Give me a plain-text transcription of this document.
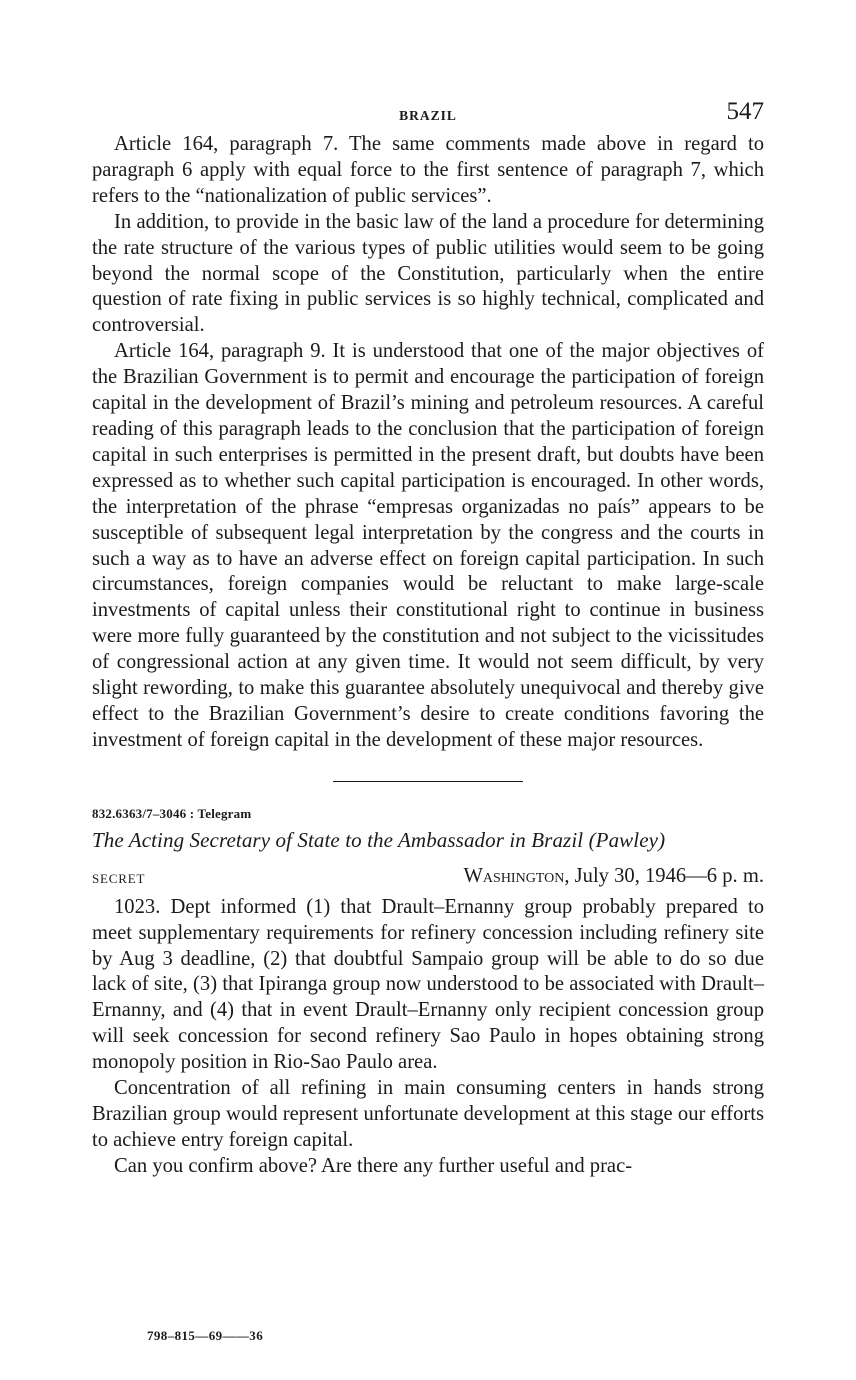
BRAZIL	547

Article 164, paragraph 7. The same comments made above in regard to paragraph 6 apply with equal force to the first sentence of paragraph 7, which refers to the “nationalization of public services”.

In addition, to provide in the basic law of the land a procedure for determining the rate structure of the various types of public utilities would seem to be going beyond the normal scope of the Constitution, particularly when the entire question of rate fixing in public services is so highly technical, complicated and controversial.

Article 164, paragraph 9. It is understood that one of the major objectives of the Brazilian Government is to permit and encourage the participation of foreign capital in the development of Brazil’s mining and petroleum resources. A careful reading of this paragraph leads to the conclusion that the participation of foreign capital in such enterprises is permitted in the present draft, but doubts have been expressed as to whether such capital participation is encouraged. In other words, the interpretation of the phrase “empresas organizadas no país” appears to be susceptible of subsequent legal interpretation by the congress and the courts in such a way as to have an adverse effect on foreign capital participation. In such circumstances, foreign companies would be reluctant to make large-scale investments of capital unless their constitutional right to continue in business were more fully guaranteed by the constitution and not subject to the vicissitudes of congressional action at any given time. It would not seem difficult, by very slight rewording, to make this guarantee absolutely unequivocal and thereby give effect to the Brazilian Government’s desire to create conditions favoring the investment of foreign capital in the development of these major resources.

832.6363/7–3046 : Telegram
The Acting Secretary of State to the Ambassador in Brazil (Pawley)
SECRET	Washington, July 30, 1946—6 p. m.

1023. Dept informed (1) that Drault–Ernanny group probably prepared to meet supplementary requirements for refinery concession including refinery site by Aug 3 deadline, (2) that doubtful Sampaio group will be able to do so due lack of site, (3) that Ipiranga group now understood to be associated with Drault–Ernanny, and (4) that in event Drault–Ernanny only recipient concession group will seek concession for second refinery Sao Paulo in hopes obtaining strong monopoly position in Rio-Sao Paulo area.

Concentration of all refining in main consuming centers in hands strong Brazilian group would represent unfortunate development at this stage our efforts to achieve entry foreign capital.

Can you confirm above? Are there any further useful and prac-

798–815—69——36
